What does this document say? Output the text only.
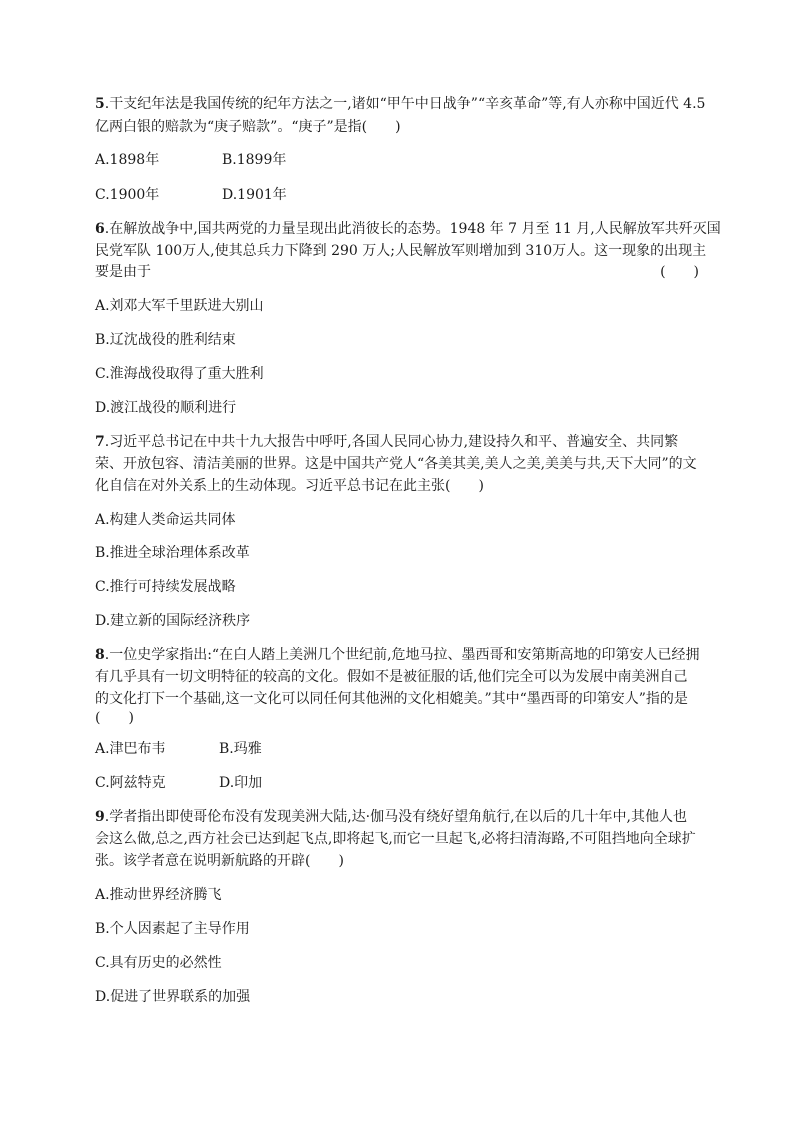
5.干支纪年法是我国传统的纪年方法之一,诸如“甲午中日战争”“辛亥革命”等,有人亦称中国近代 4.5
亿两白银的赔款为“庚子赔款”。“庚子”是指(　　)
A.1898年	B.1899年
C.1900年	D.1901年
6.在解放战争中,国共两党的力量呈现出此消彼长的态势。1948 年 7 月至 11 月,人民解放军共歼灭国
民党军队 100万人,使其总兵力下降到 290 万人;人民解放军则增加到 310万人。这一现象的出现主
要是由于	(　　)
A.刘邓大军千里跃进大别山
B.辽沈战役的胜利结束
C.淮海战役取得了重大胜利
D.渡江战役的顺利进行
7.习近平总书记在中共十九大报告中呼吁,各国人民同心协力,建设持久和平、普遍安全、共同繁
荣、开放包容、清洁美丽的世界。这是中国共产党人“各美其美,美人之美,美美与共,天下大同”的文
化自信在对外关系上的生动体现。习近平总书记在此主张(　　)
A.构建人类命运共同体
B.推进全球治理体系改革
C.推行可持续发展战略
D.建立新的国际经济秩序
8.一位史学家指出:“在白人踏上美洲几个世纪前,危地马拉、墨西哥和安第斯高地的印第安人已经拥
有几乎具有一切文明特征的较高的文化。假如不是被征服的话,他们完全可以为发展中南美洲自己
的文化打下一个基础,这一文化可以同任何其他洲的文化相媲美。”其中“墨西哥的印第安人”指的是
(　　)
A.津巴布韦	B.玛雅
C.阿兹特克	D.印加
9.学者指出即使哥伦布没有发现美洲大陆,达·伽马没有绕好望角航行,在以后的几十年中,其他人也
会这么做,总之,西方社会已达到起飞点,即将起飞,而它一旦起飞,必将扫清海路,不可阻挡地向全球扩
张。该学者意在说明新航路的开辟(　　)
A.推动世界经济腾飞
B.个人因素起了主导作用
C.具有历史的必然性
D.促进了世界联系的加强
